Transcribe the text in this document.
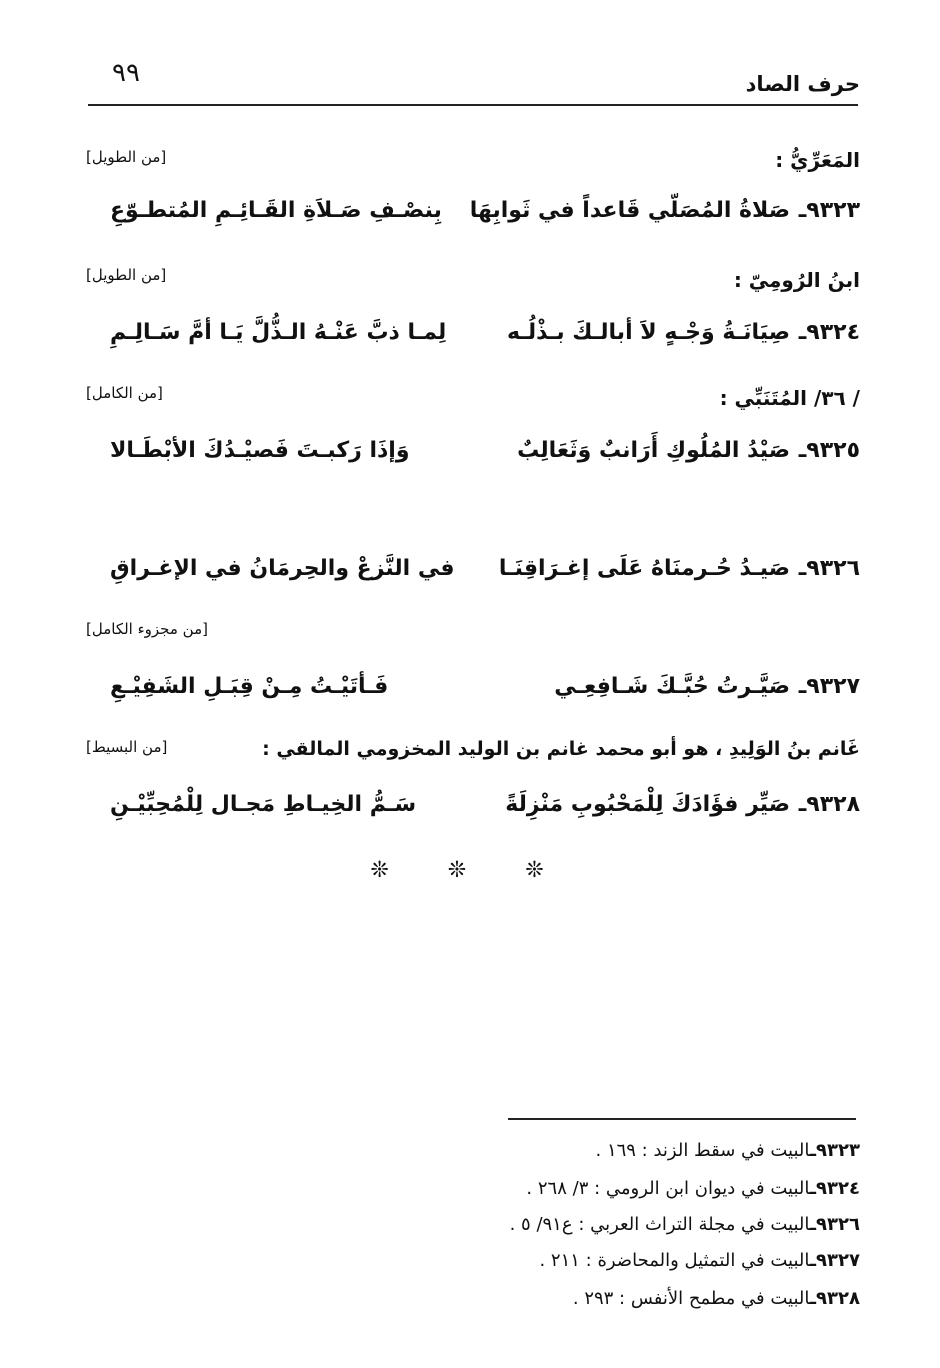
حرف الصاد
٩٩
المَعَرِّيُّ :
[من الطويل]
٩٣٢٣ـ
صَلاةُ المُصَلّي قَاعداً في ثَوابِهَا
بِنصْـفِ صَـلاَةِ القَـائِـمِ المُتطـوّعِ
ابنُ الرُومِيّ :
[من الطويل]
٩٣٢٤ـ
صِيَانَـةُ وَجْـهٍ لاَ أبالـكَ بـذْلُـه
لِمـا ذبَّ عَنْـهُ الـذُّلَّ يَـا أمَّ سَـالِـمِ
/ ٣٦/ المُتَنَبِّي :
[من الكامل]
٩٣٢٥ـ
صَيْدُ المُلُوكِ أَرَانبٌ وَثَعَالِبٌ
وَإذَا رَكبـتَ فَصيْـدُكَ الأبْطَـالا
٩٣٢٦ـ
صَيـدُ حُـرمنَاهُ عَلَى إغـرَاقِنَـا
في النَّزعْ والحِرمَانُ في الإغـراقِ
[من مجزوء الكامل]
٩٣٢٧ـ
صَيَّـرتُ حُبَّـكَ شَـافِعِـي
فَـأتَيْـتُ مِـنْ قِبَـلِ الشَفِيْـعِ
غَانم بنُ الوَلِيدِ ، هو أبو محمد غانم بن الوليد المخزومي المالقي :
[من البسيط]
٩٣٢٨ـ
صَيِّر فؤَادَكَ لِلْمَحْبُوبِ مَنْزِلَةً
سَـمُّ الخِيـاطِ مَجـال لِلْمُحِبِّيْـنِ
❊ ❊ ❊
٩٣٢٣ـالبيت في سقط الزند : ١٦٩ .
٩٣٢٤ـالبيت في ديوان ابن الرومي : ٣/ ٢٦٨ .
٩٣٢٦ـالبيت في مجلة التراث العربي : ع٩١/ ٥ .
٩٣٢٧ـالبيت في التمثيل والمحاضرة : ٢١١ .
٩٣٢٨ـالبيت في مطمح الأنفس : ٢٩٣ .
